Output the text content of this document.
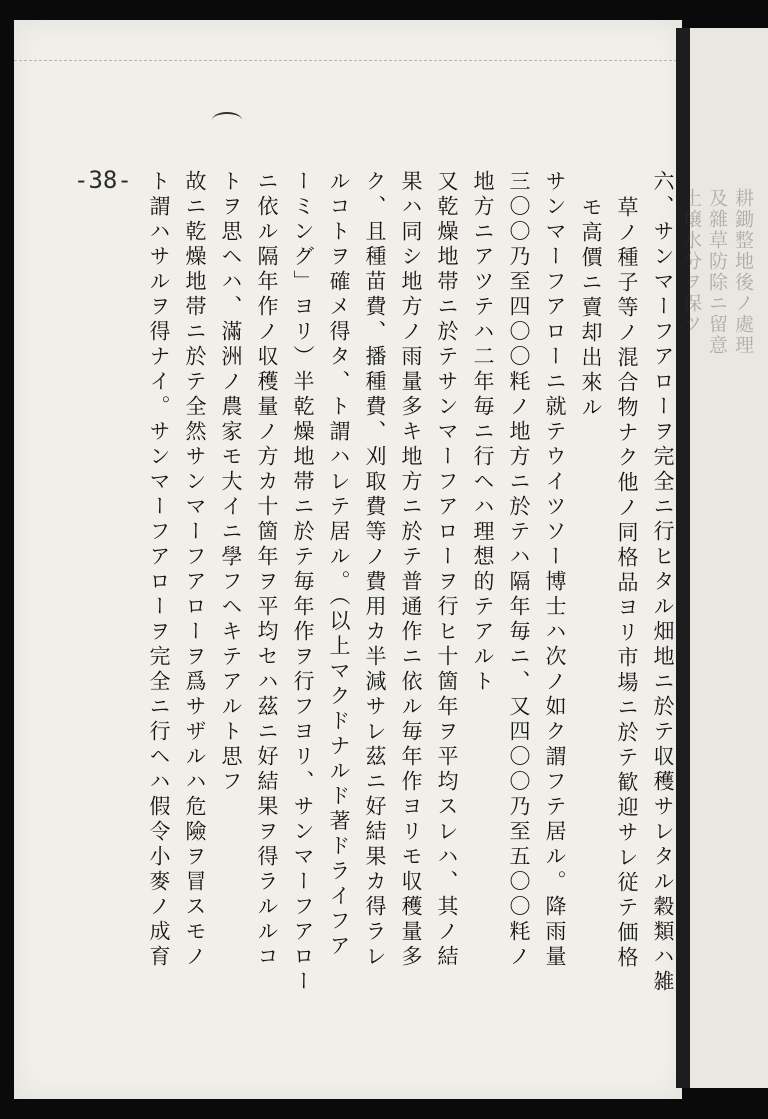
-38-	六、サンマーフアローヲ完全ニ行ヒタル畑地ニ於テ収穫サレタル穀類ハ雑
草ノ種子等ノ混合物ナク他ノ同格品ヨリ市場ニ於テ歓迎サレ従テ価格
モ高價ニ賣却出來ル
サンマーフアローニ就テウイツソー博士ハ次ノ如ク謂フテ居ル。降雨量
三〇〇乃至四〇〇粍ノ地方ニ於テハ隔年毎ニ、又四〇〇乃至五〇〇粍ノ
地方ニアツテハ二年毎ニ行ヘハ理想的テアルト
又乾燥地帯ニ於テサンマーフアローヲ行ヒ十箇年ヲ平均スレハ、其ノ結
果ハ同シ地方ノ雨量多キ地方ニ於テ普通作ニ依ル毎年作ヨリモ収穫量多
ク、且種苗費、播種費、刈取費等ノ費用カ半減サレ茲ニ好結果カ得ラレ
ルコトヲ確メ得タ、ト謂ハレテ居ル。（以上マクドナルド著ドライフア
ーミング」ヨリ）半乾燥地帯ニ於テ毎年作ヲ行フヨリ、サンマーフアロー
ニ依ル隔年作ノ収穫量ノ方カ十箇年ヲ平均セハ茲ニ好結果ヲ得ラルルコ
トヲ思ヘハ、滿洲ノ農家モ大イニ學フヘキテアルト思フ
故ニ乾燥地帯ニ於テ全然サンマーフアローヲ爲サザルハ危險ヲ冒スモノ
ト謂ハサルヲ得ナイ。サンマーフアローヲ完全ニ行ヘハ假令小麥ノ成育	耕鋤整地後ノ處理
及雜草防除ニ留意
土壌水分ヲ保ツ
